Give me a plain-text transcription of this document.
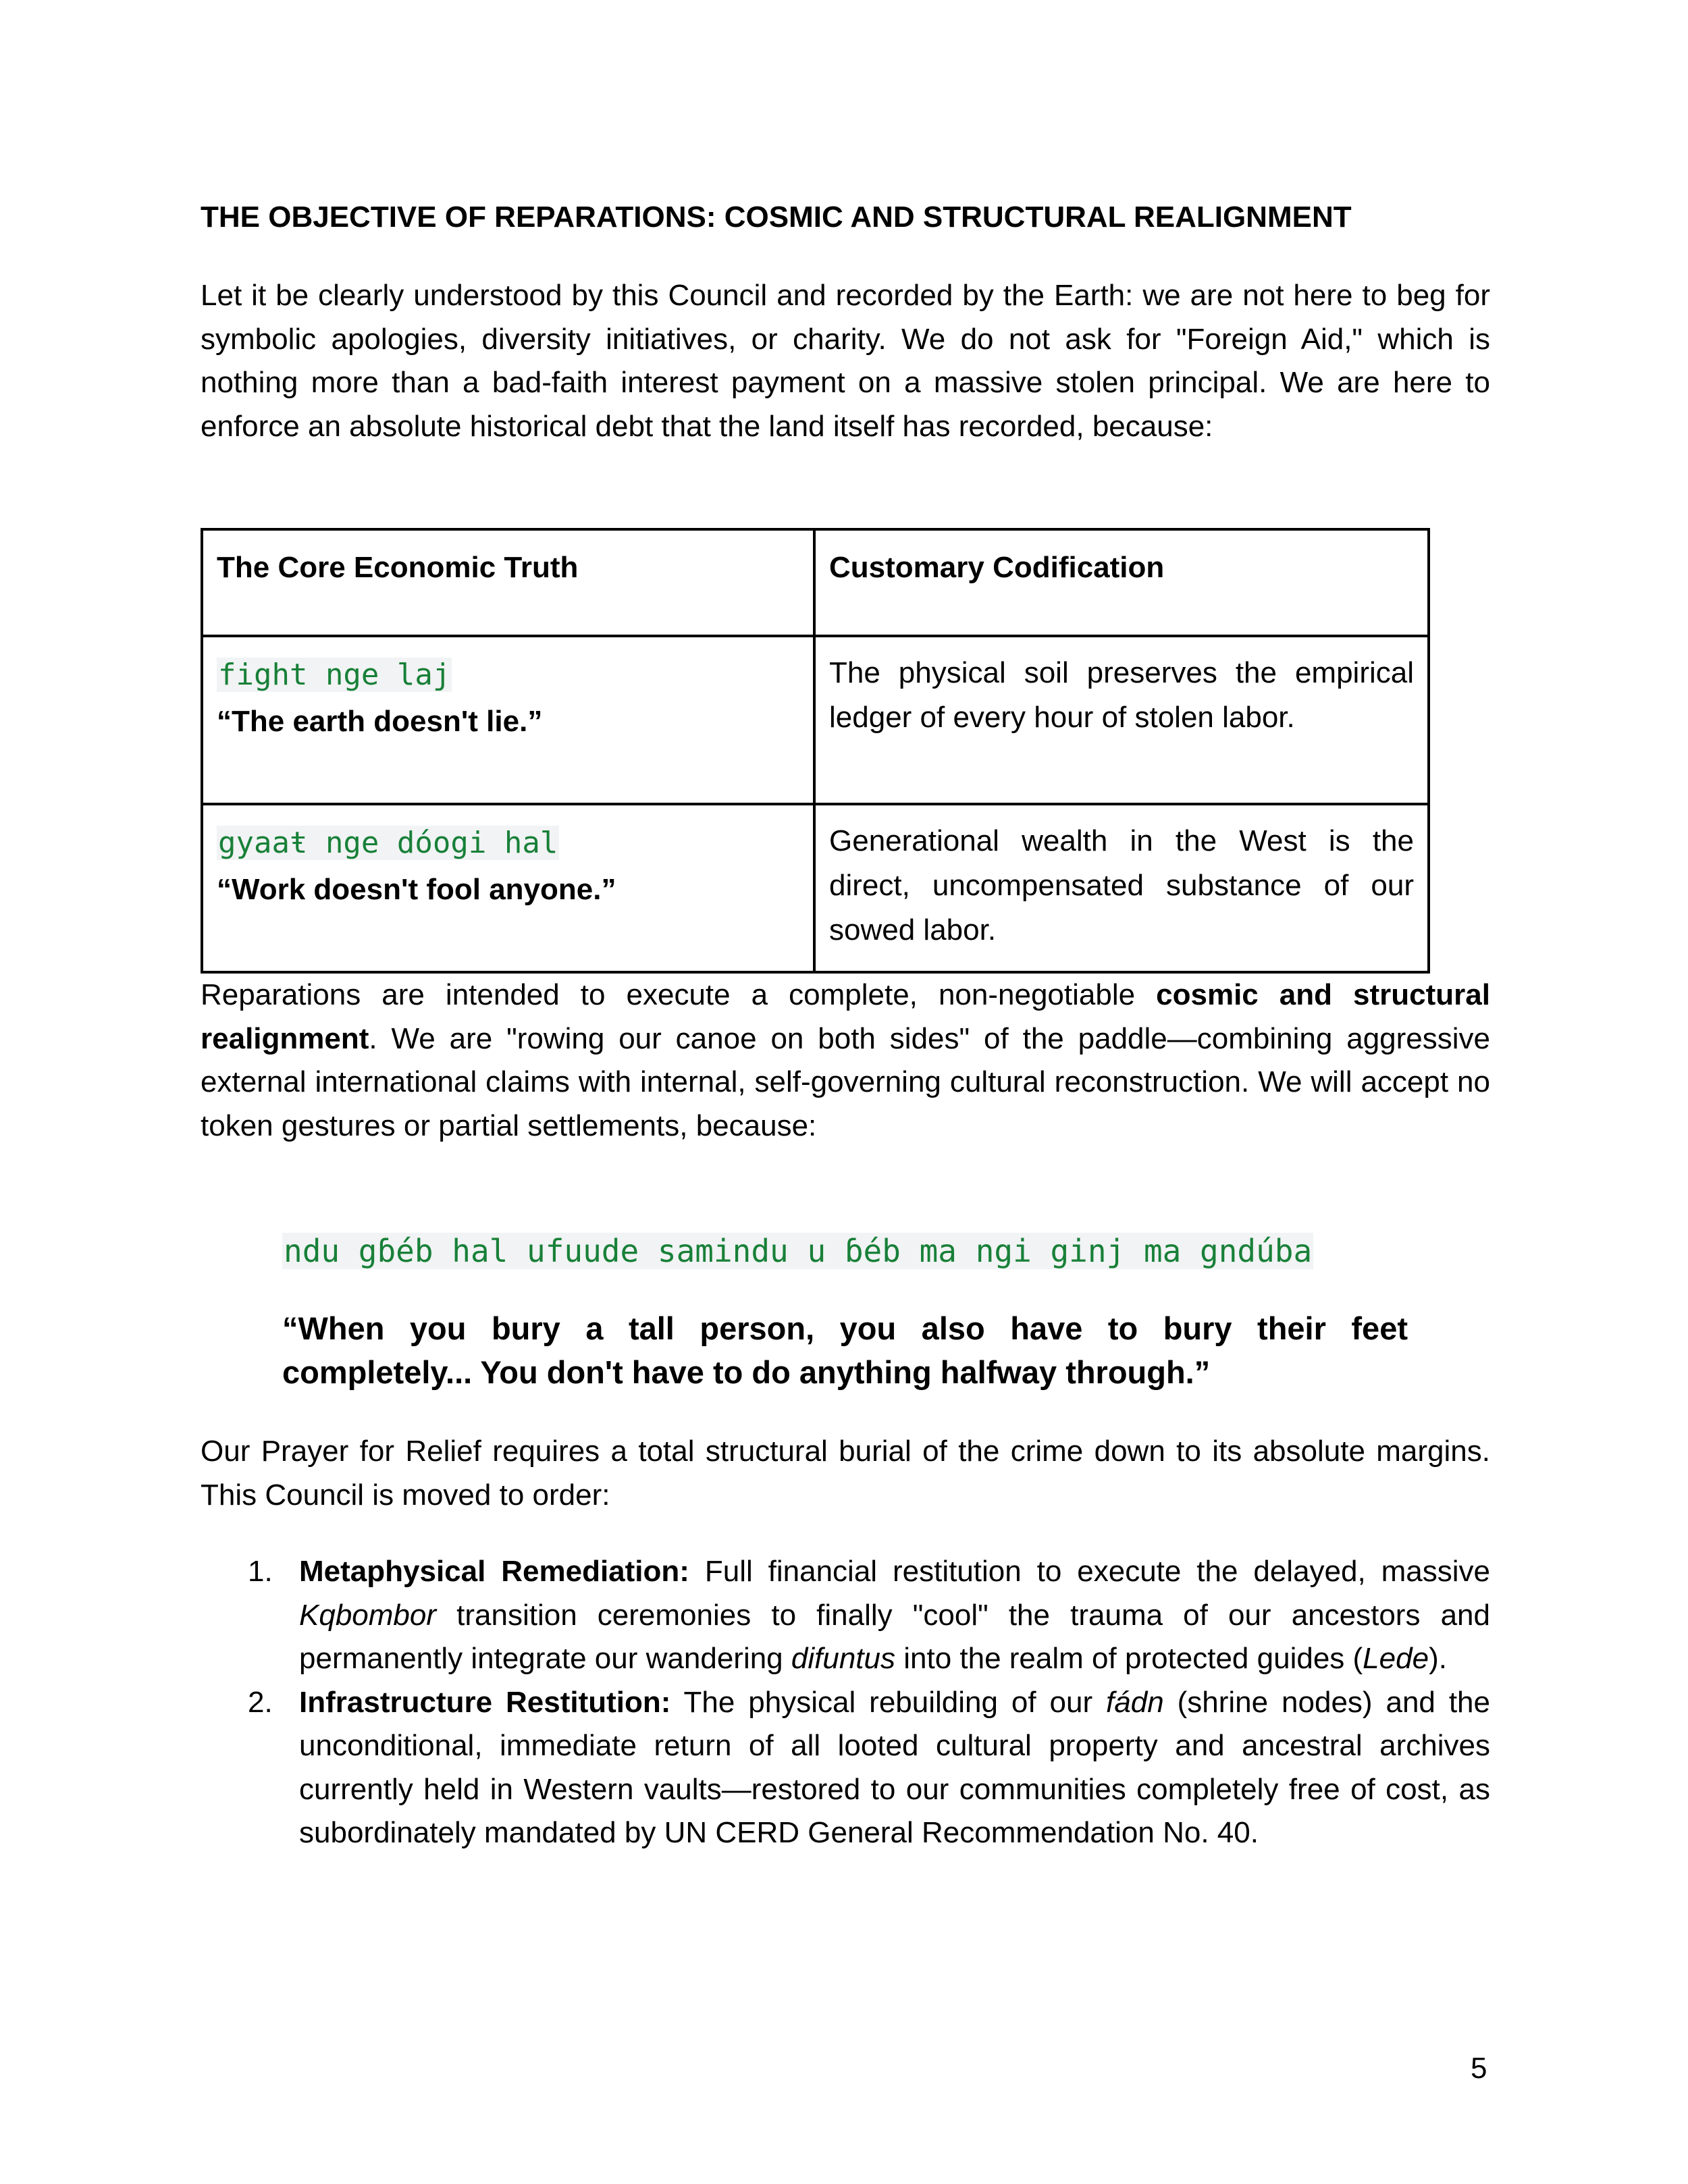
THE OBJECTIVE OF REPARATIONS: COSMIC AND STRUCTURAL REALIGNMENT
Let it be clearly understood by this Council and recorded by the Earth: we are not here to beg for symbolic apologies, diversity initiatives, or charity. We do not ask for "Foreign Aid," which is nothing more than a bad-faith interest payment on a massive stolen principal. We are here to enforce an absolute historical debt that the land itself has recorded, because:
The Core Economic Truth	Customary Codification

fight nge laj
“The earth doesn't lie.”	The physical soil preserves the empirical ledger of every hour of stolen labor.

gyaaŧ nge dóogi hal
“Work doesn't fool anyone.”	Generational wealth in the West is the direct, uncompensated substance of our sowed labor.
Reparations are intended to execute a complete, non-negotiable cosmic and structural realignment. We are "rowing our canoe on both sides" of the paddle—combining aggressive external international claims with internal, self-governing cultural reconstruction. We will accept no token gestures or partial settlements, because:
ndu gɓéb hal ufuude samindu u ɓéb ma ngi ginj ma gndúba
“When you bury a tall person, you also have to bury their feet completely... You don't have to do anything halfway through.”
Our Prayer for Relief requires a total structural burial of the crime down to its absolute margins. This Council is moved to order:
1. Metaphysical Remediation: Full financial restitution to execute the delayed, massive Kqbombor transition ceremonies to finally "cool" the trauma of our ancestors and permanently integrate our wandering difuntus into the realm of protected guides (Lede).
2. Infrastructure Restitution: The physical rebuilding of our fádn (shrine nodes) and the unconditional, immediate return of all looted cultural property and ancestral archives currently held in Western vaults—restored to our communities completely free of cost, as subordinately mandated by UN CERD General Recommendation No. 40.
5
